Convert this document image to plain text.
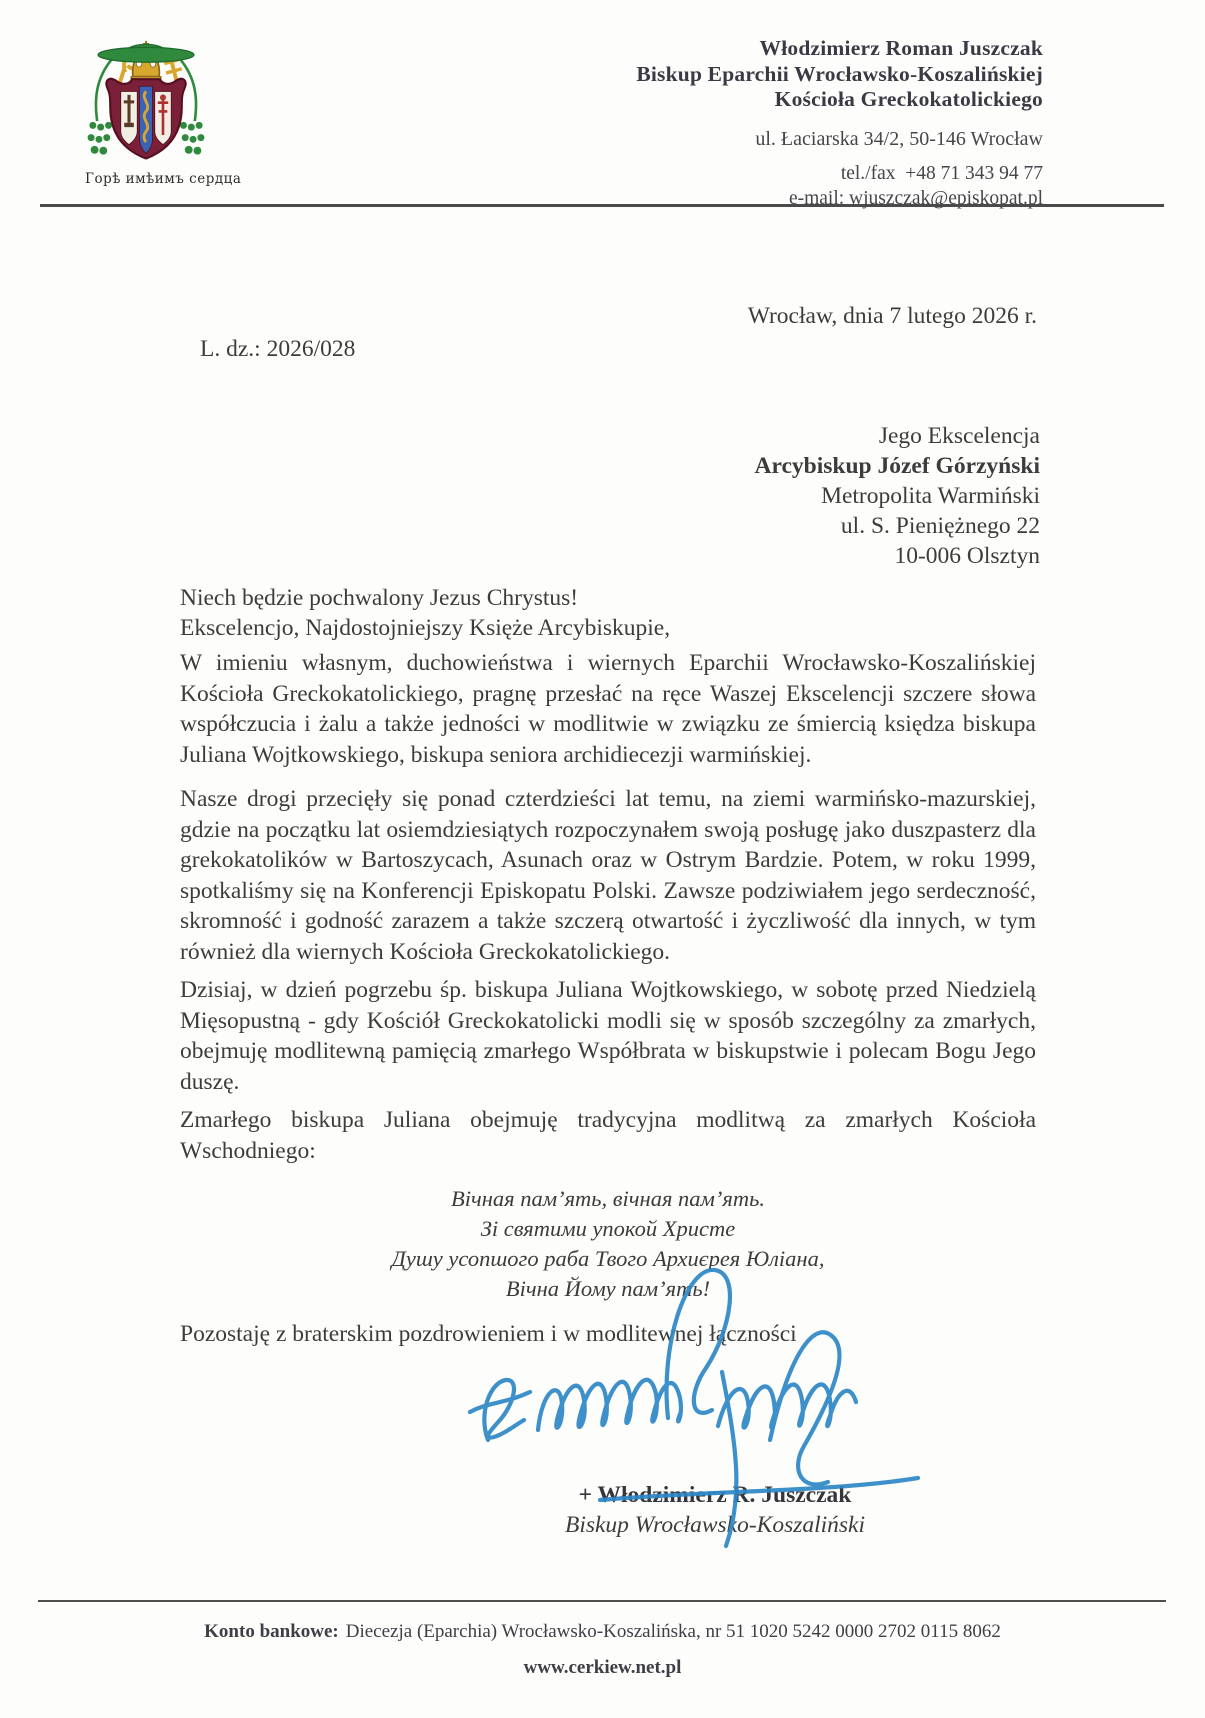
Горѣ имѣимъ сердца
Włodzimierz Roman Juszczak
Biskup Eparchii Wrocławsko-Koszalińskiej
Kościoła Greckokatolickiego
ul. Łaciarska 34/2, 50-146 Wrocław
tel./fax  +48 71 343 94 77
e-mail: wjuszczak@episkopat.pl
Wrocław, dnia 7 lutego 2026 r.
L. dz.: 2026/028
Jego Ekscelencja
Arcybiskup Józef Górzyński
Metropolita Warmiński
ul. S. Pieniężnego 22
10-006 Olsztyn
Niech będzie pochwalony Jezus Chrystus!
Ekscelencjo, Najdostojniejszy Księże Arcybiskupie,

W imieniu własnym, duchowieństwa i wiernych Eparchii Wrocławsko-Koszalińskiej Kościoła Greckokatolickiego, pragnę przesłać na ręce Waszej Ekscelencji szczere słowa współczucia i żalu a także jedności w modlitwie w związku ze śmiercią księdza biskupa Juliana Wojtkowskiego, biskupa seniora archidiecezji warmińskiej.

Nasze drogi przecięły się ponad czterdzieści lat temu, na ziemi warmińsko-mazurskiej, gdzie na początku lat osiemdziesiątych rozpoczynałem swoją posługę jako duszpasterz dla grekokatolików w Bartoszycach, Asunach oraz w Ostrym Bardzie. Potem, w roku 1999, spotkaliśmy się na Konferencji Episkopatu Polski. Zawsze podziwiałem jego serdeczność, skromność i godność zarazem a także szczerą otwartość i życzliwość dla innych, w tym również dla wiernych Kościoła Greckokatolickiego.

Dzisiaj, w dzień pogrzebu śp. biskupa Juliana Wojtkowskiego, w sobotę przed Niedzielą Mięsopustną - gdy Kościół Greckokatolicki modli się w sposób szczególny za zmarłych, obejmuję modlitewną pamięcią zmarłego Współbrata w biskupstwie i polecam Bogu Jego duszę.

Zmarłego biskupa Juliana obejmuję tradycyjna modlitwą za zmarłych Kościoła Wschodniego:

Вічная пам’ять, вічная пам’ять.
Зі святими упокой Христе
Душу усопшого раба Твого Архиєрея Юліана,
Вічна Йому пам’ять!
Pozostaję z braterskim pozdrowieniem i w modlitewnej łączności
+ Włodzimierz R. Juszczak
Biskup Wrocławsko-Koszaliński
Konto bankowe: Diecezja (Eparchia) Wrocławsko-Koszalińska, nr 51 1020 5242 0000 2702 0115 8062
www.cerkiew.net.pl
